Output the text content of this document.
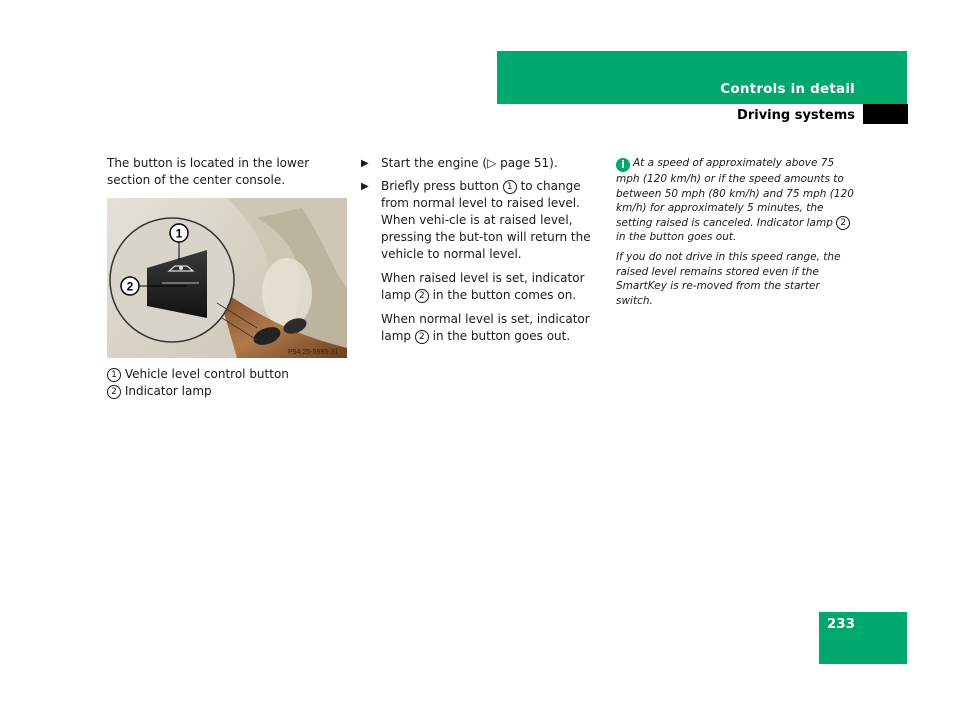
Controls in detail
Driving systems

The button is located in the lower section of the center console.

1
2
P54.25-5985-31

1 Vehicle level control button

2 Indicator lamp

▶ Start the engine (▷ page 51).

▶ Briefly press button 1 to change from normal level to raised level. When vehi-cle is at raised level, pressing the but-ton will return the vehicle to normal level.

When raised level is set, indicator lamp 2 in the button comes on.

When normal level is set, indicator lamp 2 in the button goes out.

i At a speed of approximately above 75 mph (120 km/h) or if the speed amounts to between 50 mph (80 km/h) and 75 mph (120 km/h) for approximately 5 minutes, the setting raised is canceled. Indicator lamp 2 in the button goes out.

If you do not drive in this speed range, the raised level remains stored even if the SmartKey is re-moved from the starter switch.

233
